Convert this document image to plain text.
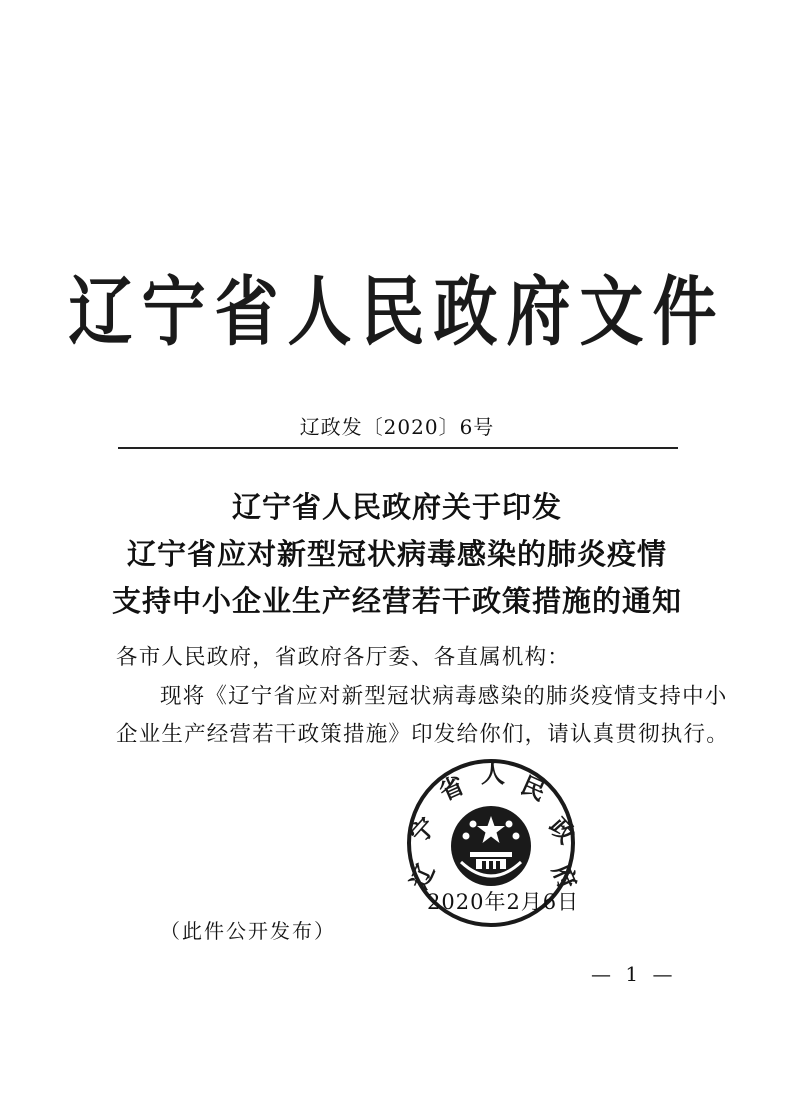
辽宁省人民政府文件
辽政发〔2020〕6号
辽宁省人民政府关于印发
辽宁省应对新型冠状病毒感染的肺炎疫情
支持中小企业生产经营若干政策措施的通知
各市人民政府，省政府各厅委、各直属机构：
现将《辽宁省应对新型冠状病毒感染的肺炎疫情支持中小
企业生产经营若干政策措施》印发给你们，请认真贯彻执行。
辽
宁
省 人 民
政
府
2020年2月6日
（此件公开发布）
— 1 —
